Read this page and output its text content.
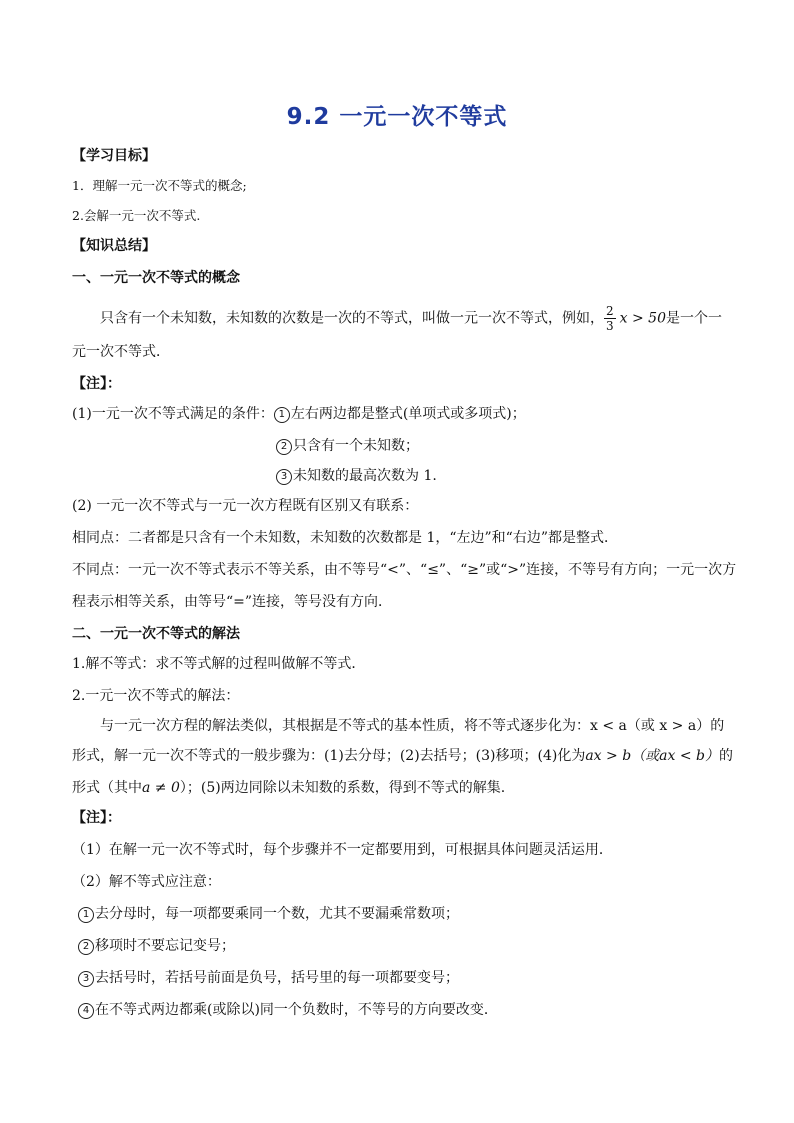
9.2 一元一次不等式
【学习目标】
1．理解一元一次不等式的概念;
2.会解一元一次不等式.
【知识总结】
一、一元一次不等式的概念
只含有一个未知数，未知数的次数是一次的不等式，叫做一元一次不等式，例如， $\frac{2}{3}$ x > 50是一个一
元一次不等式．
【注】：
(1)一元一次不等式满足的条件： 1 左右两边都是整式(单项式或多项式)；
2 只含有一个未知数；
3 未知数的最高次数为 1.
(2) 一元一次不等式与一元一次方程既有区别又有联系：
相同点：二者都是只含有一个未知数，未知数的次数都是 1，“左边”和“右边”都是整式．
不同点：一元一次不等式表示不等关系，由不等号“<”、“≤”、“≥”或“>”连接，不等号有方向；一元一次方
程表示相等关系，由等号“=”连接，等号没有方向．
二、一元一次不等式的解法
1.解不等式：求不等式解的过程叫做解不等式．
2.一元一次不等式的解法：
与一元一次方程的解法类似，其根据是不等式的基本性质，将不等式逐步化为：x < a（或 x > a）的
形式，解一元一次不等式的一般步骤为：(1)去分母；(2)去括号；(3)移项；(4)化为ax > b（或ax < b）的
形式（其中a ≠ 0）；(5)两边同除以未知数的系数，得到不等式的解集.
【注】：
（1）在解一元一次不等式时，每个步骤并不一定都要用到，可根据具体问题灵活运用．
（2）解不等式应注意：
1 去分母时，每一项都要乘同一个数，尤其不要漏乘常数项；
2 移项时不要忘记变号；
3 去括号时，若括号前面是负号，括号里的每一项都要变号；
4 在不等式两边都乘(或除以)同一个负数时，不等号的方向要改变．
